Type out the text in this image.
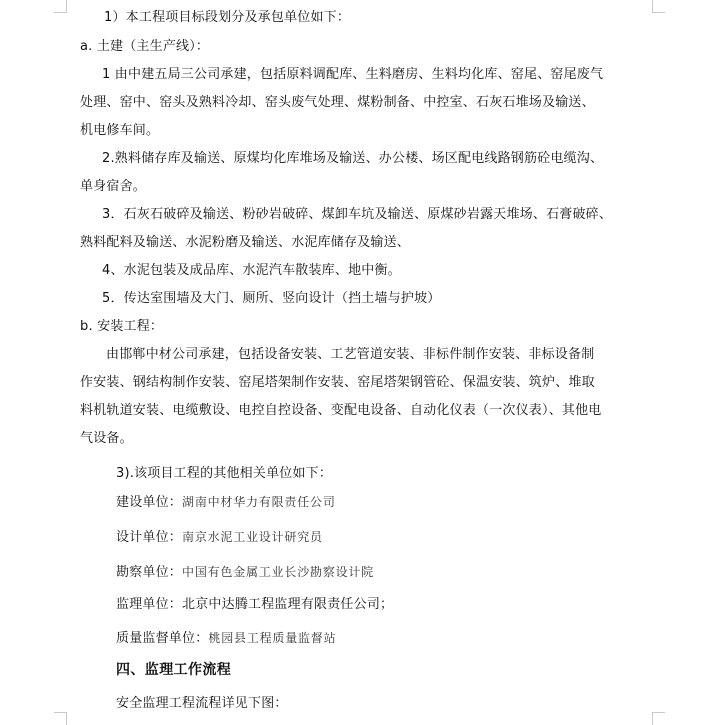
1）本工程项目标段划分及承包单位如下：
a. 土建（主生产线）：
1 由中建五局三公司承建，包括原料调配库、生料磨房、生料均化库、窑尾、窑尾废气
处理、窑中、窑头及熟料冷却、窑头废气处理、煤粉制备、中控室、石灰石堆场及输送、
机电修车间。
2.熟料储存库及输送、原煤均化库堆场及输送、办公楼、场区配电线路钢筋砼电缆沟、
单身宿舍。
3．石灰石破碎及输送、粉砂岩破碎、煤卸车坑及输送、原煤砂岩露天堆场、石膏破碎、
熟料配料及输送、水泥粉磨及输送、水泥库储存及输送、
4、水泥包装及成品库、水泥汽车散装库、地中衡。
5．传达室围墙及大门、厕所、竖向设计（挡土墙与护坡）
b. 安装工程：
由邯郸中材公司承建，包括设备安装、工艺管道安装、非标件制作安装、非标设备制
作安装、钢结构制作安装、窑尾塔架制作安装、窑尾塔架钢管砼、保温安装、筑炉、堆取
料机轨道安装、电缆敷设、电控自控设备、变配电设备、自动化仪表（一次仪表）、其他电
气设备。
3).该项目工程的其他相关单位如下：
建设单位：湖南中材华力有限责任公司
设计单位：南京水泥工业设计研究员
勘察单位：中国有色金属工业长沙勘察设计院
监理单位：北京中达腾工程监理有限责任公司；
质量监督单位：桃园县工程质量监督站
四、监理工作流程
安全监理工程流程详见下图：
